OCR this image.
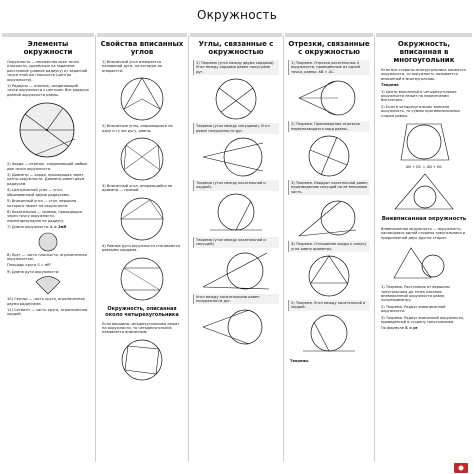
Окружность
Элементы окружности
Окружность — множество всех точек плоскости, удалённых на заданное расстояние (равное радиусу) от заданной точки этой же плоскости (центра окружности).
1) Радиусы — отрезок, соединяющий точки окружности с центром. Все радиусы данной окружности равны.
2) Хорда — отрезок, соединяющий любые две точки окружности.
3) Диаметр — хорда, проходящая через центр окружности. Диаметр равен двум радиусам.
4) Центральный угол — угол, образованный двумя радиусами.
5) Вписанный угол — угол, вершина которого лежит на окружности.
6) Касательная — прямая, проходящая через точку окружности, перпендикулярно ее радиусу.
7) Длина окружности: L = 2πR
8) Круг — часть плоскости, ограниченная окружностью.
Площадь круга S = πR²
9) Длина дуги окружности:
10) Сектор — часть круга, ограниченная двумя радиусами.
11) Сегмент — часть круга, ограниченная хордой.
Свойства вписанных углов
1) Вписанный угол измеряется половиной дуги, на которую он опирается:
2) Вписанные углы, опирающиеся на одну и ту же дугу, равны.
3) Вписанный угол, опирающийся на диаметр — прямой.
4) Равные дуги окружности стягиваются равными хордами.
Окружность, описанная около четырехугольника
Если вершины четырехугольника лежат на окружности, то четырехугольник называется вписанным.
Углы, связанные с окружностью
1) Теорема (угол между двумя хордами). Угол между хордами равен полусумме дуг.
Теорема (угол между секущими). Угол равен полуразности дуг.
Теорема (угол между касательной и хордой).
Теорема (угол между касательной и секущей).
Угол между касательными равен полуразности дуг.
Отрезки, связанные с окружностью
1) Теорема. Отрезки касательных к окружности, проведённые из одной точки, равны: AB = AC.
2) Теорема. Произведения отрезков пересекающихся хорд равны.
3) Теорема. Квадрат касательной равен произведению секущей на её внешнюю часть.
4) Теорема. Отношение хорды к синусу угла равно диаметру.
5) Теорема. Угол между касательной и хордой.
Теоремы
Окружность, вписанная в многоугольник
Если все стороны многоугольника касаются окружности, то окружность называется вписанной в многоугольник.
Теорема
1) Центр вписанной в четырехугольник окружности лежит на пересечении биссектрис.
2) Если в четырехугольник вписана окружность, то суммы противоположных сторон равны.
AB + DC = AD + BC
Вневписанная окружность
Вневписанная окружность — окружность, касающаяся одной стороны треугольника и продолжений двух других сторон.
1) Теорема. Расстояние от вершины треугольника до точек касания вневписанной окружности равно полупериметру.
2) Теорема. Радиус вневписанной окружности.
3) Теорема. Радиус вписанной окружности, проведённой в сторону треугольника.
По формуле S = pr
